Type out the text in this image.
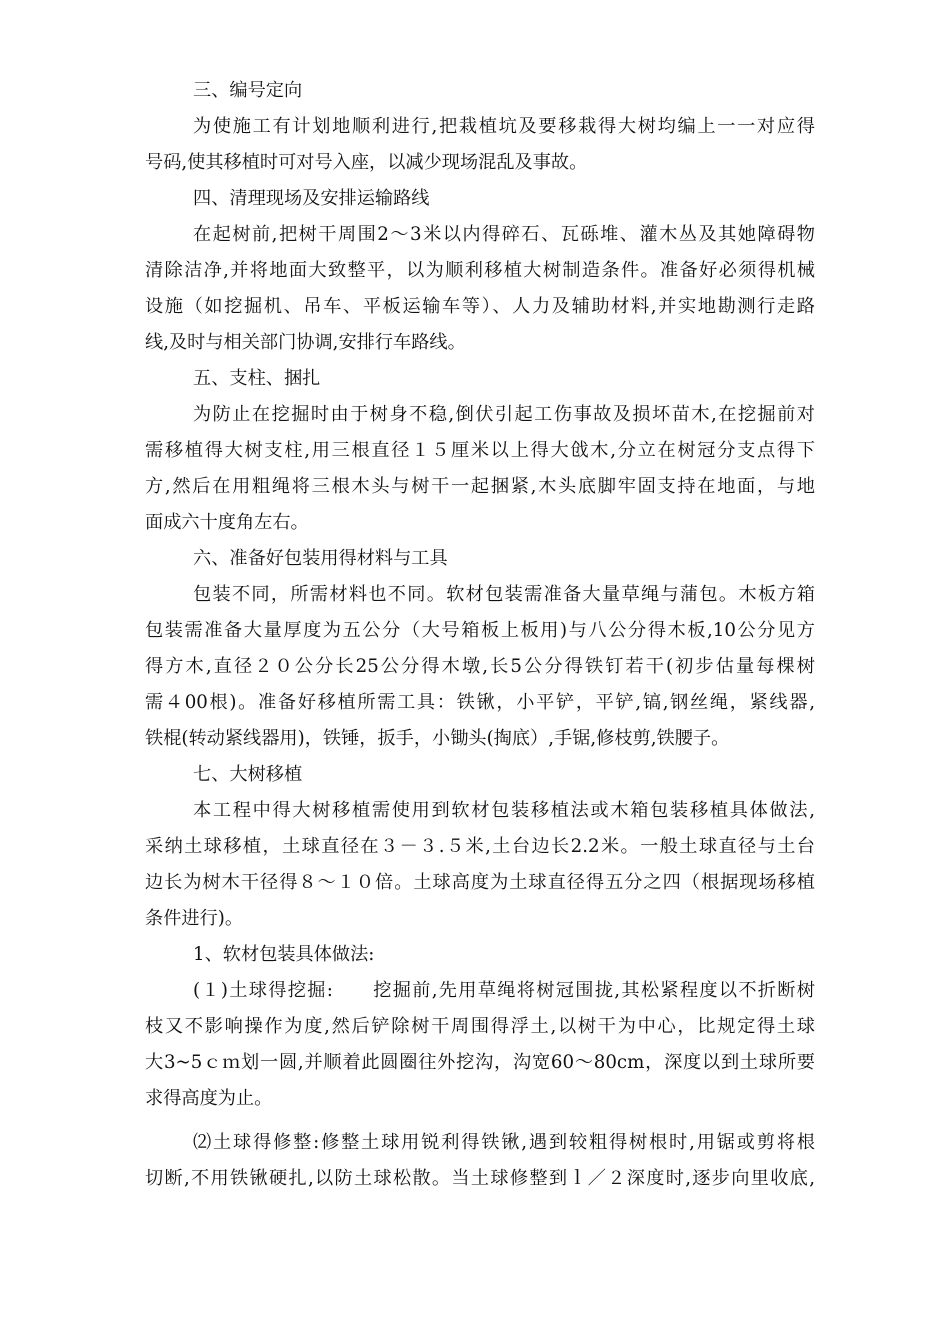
三、编号定向
为使施工有计划地顺利进行,把栽植坑及要移栽得大树均编上一一对应得
号码,使其移植时可对号入座，以减少现场混乱及事故。
四、清理现场及安排运输路线
在起树前,把树干周围2～3米以内得碎石、瓦砾堆、灌木丛及其她障碍物
清除洁净,并将地面大致整平，以为顺利移植大树制造条件。准备好必须得机械
设施（如挖掘机、吊车、平板运输车等）、人力及辅助材料,并实地勘测行走路
线,及时与相关部门协调,安排行车路线。
五、支柱、捆扎
为防止在挖掘时由于树身不稳,倒伏引起工伤事故及损坏苗木,在挖掘前对
需移植得大树支柱,用三根直径１５厘米以上得大戗木,分立在树冠分支点得下
方,然后在用粗绳将三根木头与树干一起捆紧,木头底脚牢固支持在地面，与地
面成六十度角左右。
六、准备好包装用得材料与工具
包装不同，所需材料也不同。软材包装需准备大量草绳与蒲包。木板方箱
包装需准备大量厚度为五公分（大号箱板上板用)与八公分得木板,10公分见方
得方木,直径２０公分长25公分得木墩,长5公分得铁钉若干(初步估量每棵树
需４00根)。准备好移植所需工具：铁锹，小平铲，平铲,镐,钢丝绳，紧线器,
铁棍(转动紧线器用)，铁锤，扳手，小锄头(掏底）,手锯,修枝剪,铁腰子。
七、大树移植
本工程中得大树移植需使用到软材包装移植法或木箱包装移植具体做法,
采纳土球移植，土球直径在３－３.５米,土台边长2.2米。一般土球直径与土台
边长为树木干径得８～１０倍。土球高度为土球直径得五分之四（根据现场移植
条件进行)。
1、软材包装具体做法:
(１)土球得挖掘:　　挖掘前,先用草绳将树冠围拢,其松紧程度以不折断树
枝又不影响操作为度,然后铲除树干周围得浮土,以树干为中心，比规定得土球
大3~5ｃｍ划一圆,并顺着此圆圈往外挖沟，沟宽60～80cm，深度以到土球所要
求得高度为止。
⑵土球得修整:修整土球用锐利得铁锹,遇到较粗得树根时,用锯或剪将根
切断,不用铁锹硬扎,以防土球松散。当土球修整到ｌ／２深度时,逐步向里收底,
